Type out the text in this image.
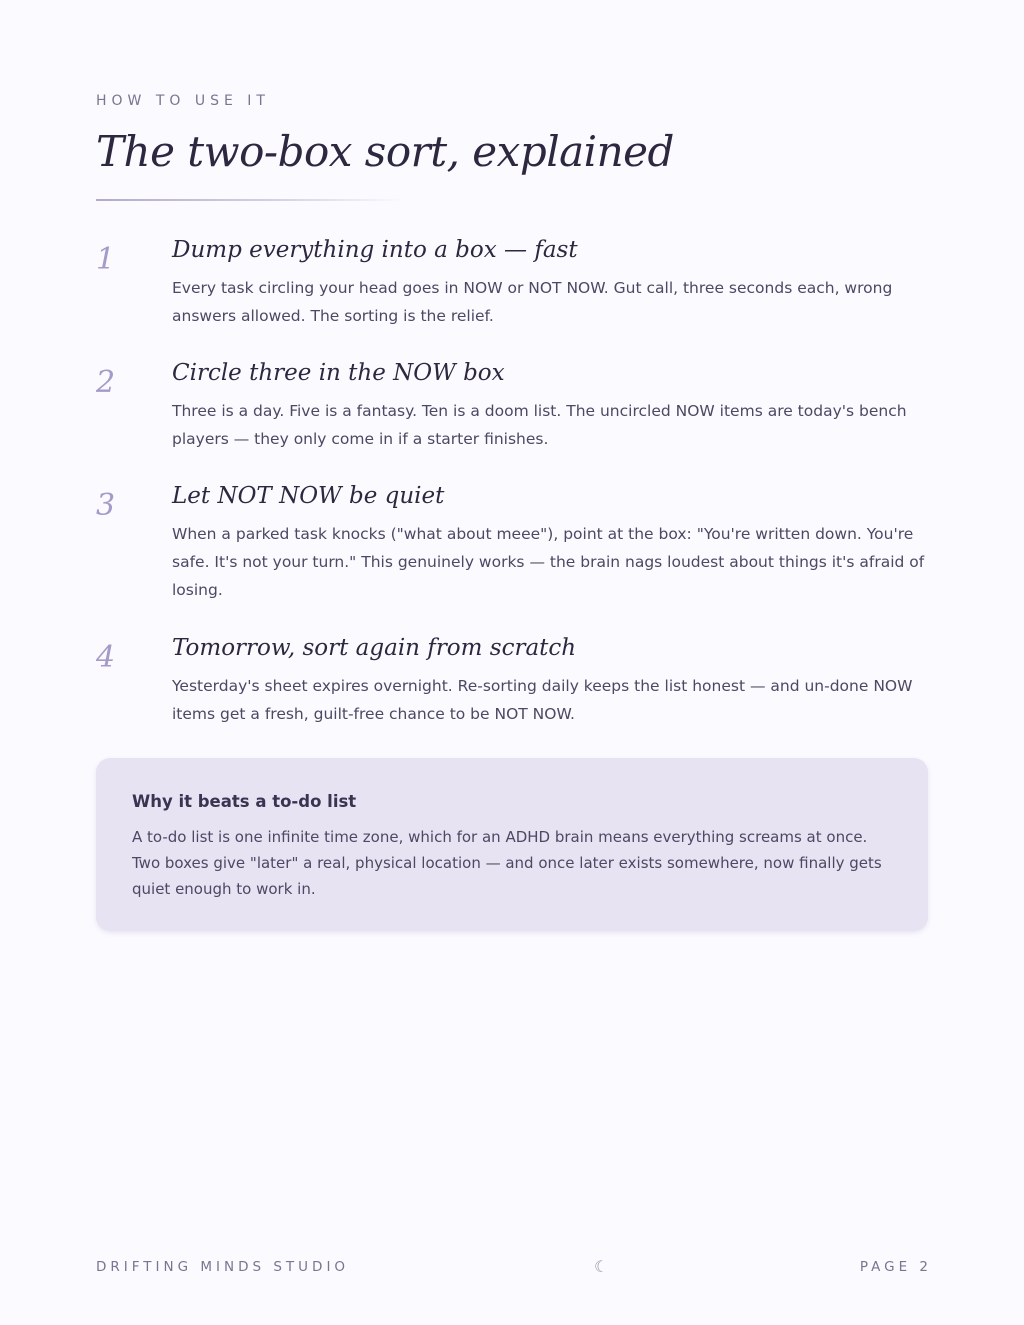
HOW TO USE IT
The two-box sort, explained
1 Dump everything into a box — fast

Every task circling your head goes in NOW or NOT NOW. Gut call, three seconds each, wrong answers allowed. The sorting is the relief.

2 Circle three in the NOW box

Three is a day. Five is a fantasy. Ten is a doom list. The uncircled NOW items are today's bench players — they only come in if a starter finishes.

3 Let NOT NOW be quiet

When a parked task knocks ("what about meee"), point at the box: "You're written down. You're safe. It's not your turn." This genuinely works — the brain nags loudest about things it's afraid of losing.

4 Tomorrow, sort again from scratch

Yesterday's sheet expires overnight. Re-sorting daily keeps the list honest — and un-done NOW items get a fresh, guilt-free chance to be NOT NOW.

Why it beats a to-do list

A to-do list is one infinite time zone, which for an ADHD brain means everything screams at once. Two boxes give "later" a real, physical location — and once later exists somewhere, now finally gets quiet enough to work in.

DRIFTING MINDS STUDIO	☾	PAGE 2
